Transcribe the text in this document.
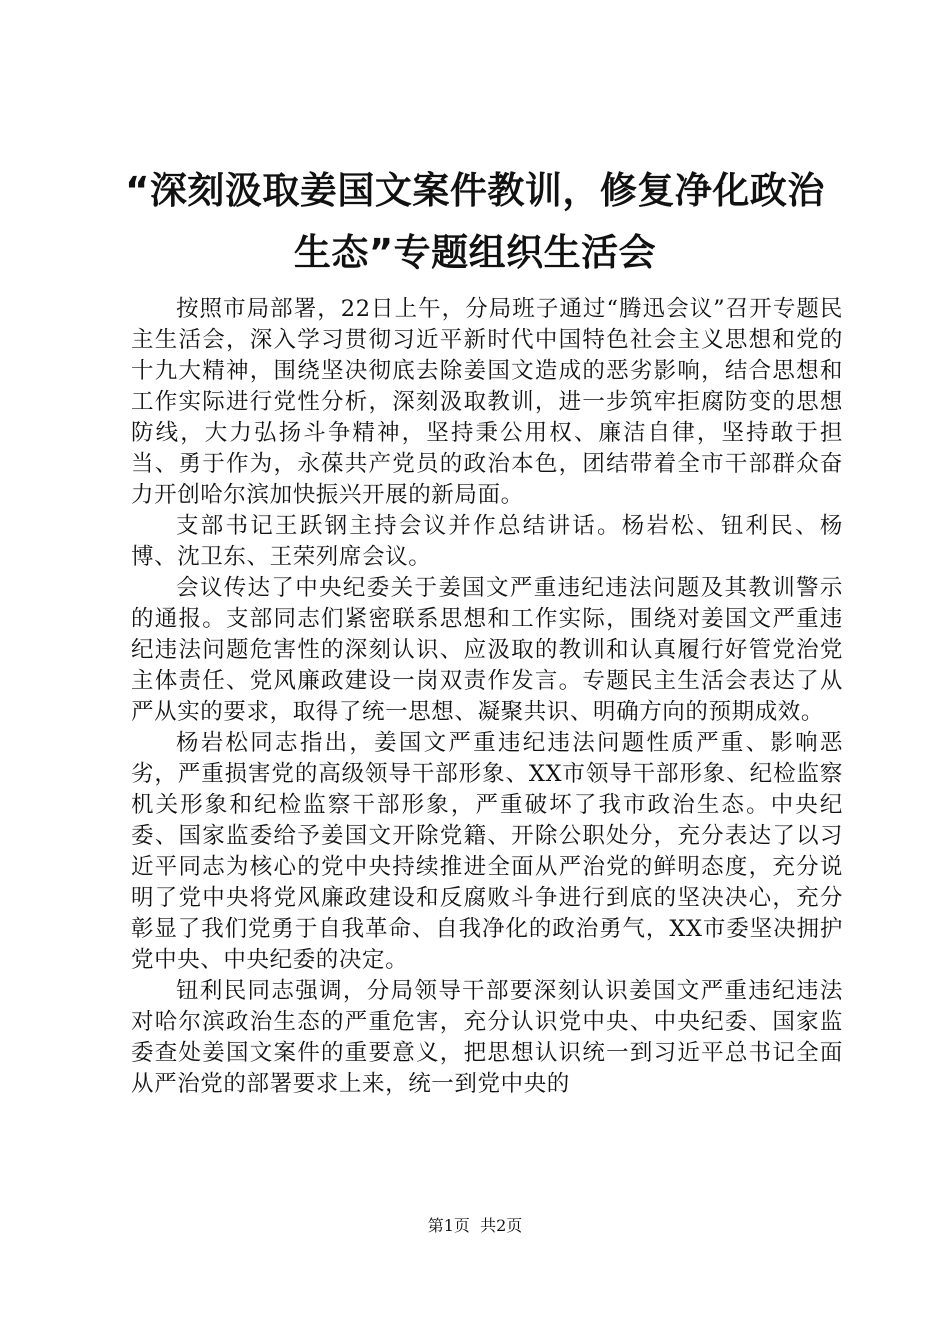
“深刻汲取姜国文案件教训，修复净化政治生态”专题组织生活会

按照市局部署，22日上午，分局班子通过“腾迅会议”召开专题民主生活会，深入学习贯彻习近平新时代中国特色社会主义思想和党的十九大精神，围绕坚决彻底去除姜国文造成的恶劣影响，结合思想和工作实际进行党性分析，深刻汲取教训，进一步筑牢拒腐防变的思想防线，大力弘扬斗争精神，坚持秉公用权、廉洁自律，坚持敢于担当、勇于作为，永葆共产党员的政治本色，团结带着全市干部群众奋力开创哈尔滨加快振兴开展的新局面。

支部书记王跃钢主持会议并作总结讲话。杨岩松、钮利民、杨博、沈卫东、王荣列席会议。

会议传达了中央纪委关于姜国文严重违纪违法问题及其教训警示的通报。支部同志们紧密联系思想和工作实际，围绕对姜国文严重违纪违法问题危害性的深刻认识、应汲取的教训和认真履行好管党治党主体责任、党风廉政建设一岗双责作发言。专题民主生活会表达了从严从实的要求，取得了统一思想、凝聚共识、明确方向的预期成效。

杨岩松同志指出，姜国文严重违纪违法问题性质严重、影响恶劣，严重损害党的高级领导干部形象、XX市领导干部形象、纪检监察机关形象和纪检监察干部形象，严重破坏了我市政治生态。中央纪委、国家监委给予姜国文开除党籍、开除公职处分，充分表达了以习近平同志为核心的党中央持续推进全面从严治党的鲜明态度，充分说明了党中央将党风廉政建设和反腐败斗争进行到底的坚决决心，充分彰显了我们党勇于自我革命、自我净化的政治勇气，XX市委坚决拥护党中央、中央纪委的决定。

钮利民同志强调，分局领导干部要深刻认识姜国文严重违纪违法对哈尔滨政治生态的严重危害，充分认识党中央、中央纪委、国家监委查处姜国文案件的重要意义，把思想认识统一到习近平总书记全面从严治党的部署要求上来，统一到党中央的

第1页  共2页
